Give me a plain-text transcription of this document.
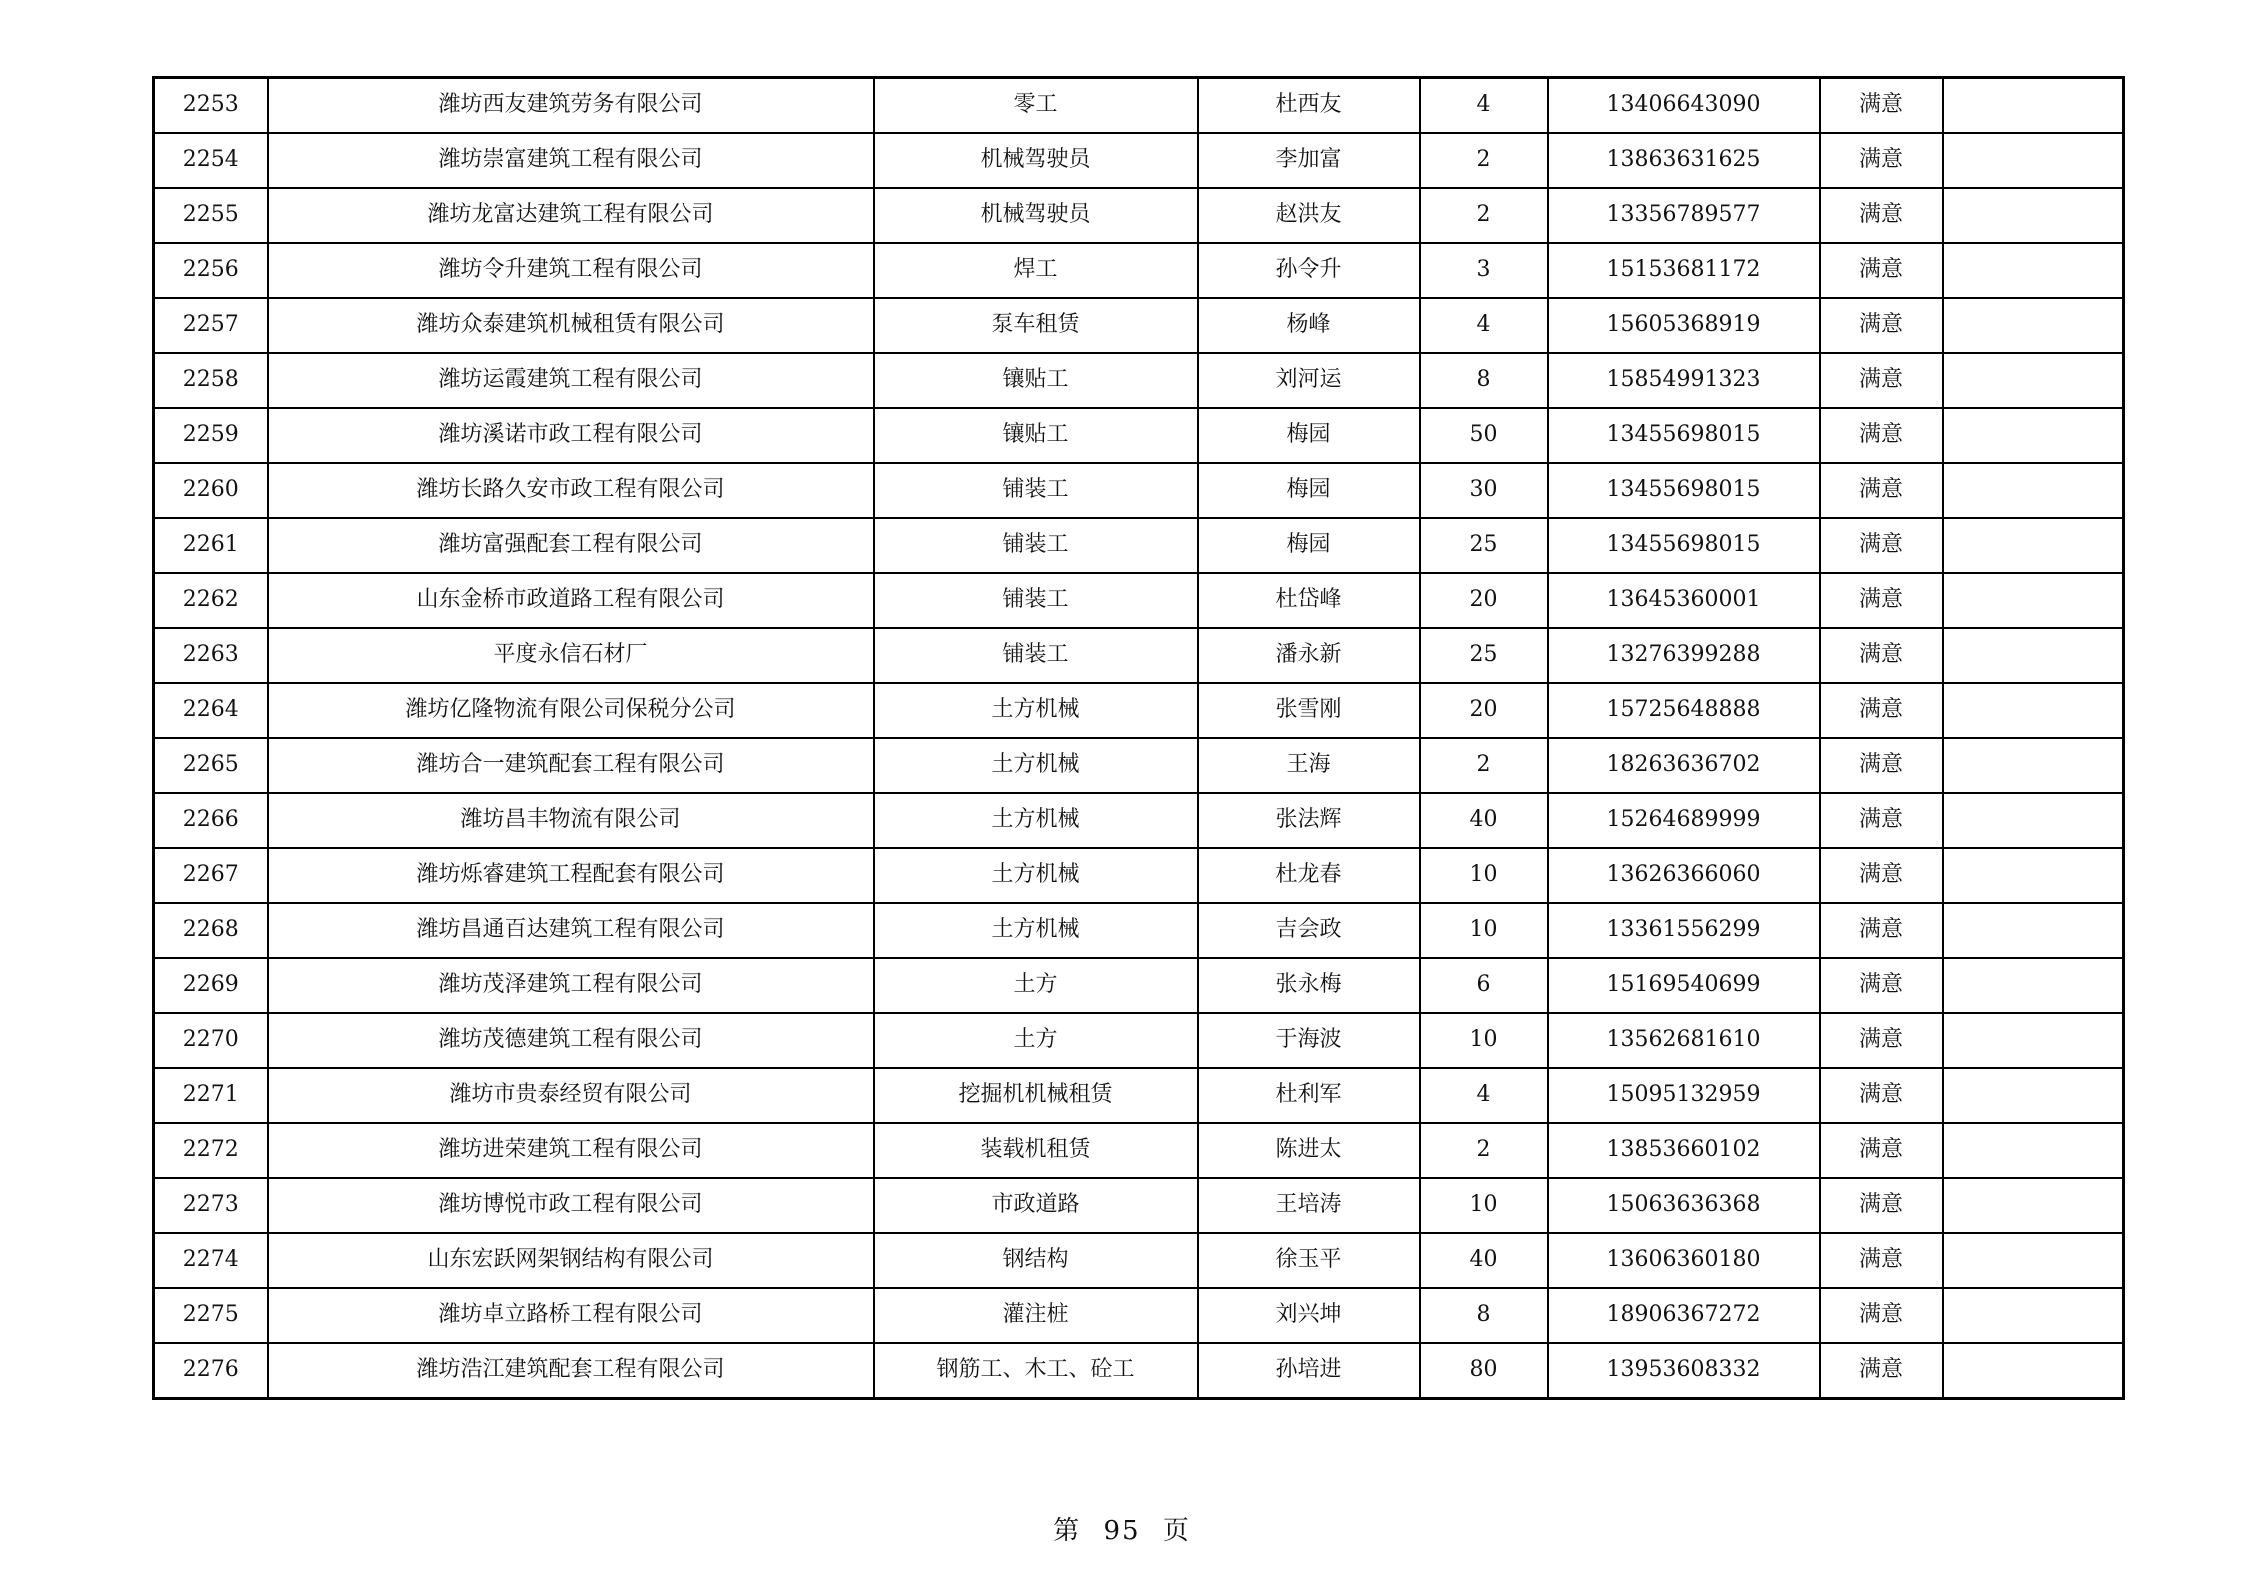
2253	潍坊西友建筑劳务有限公司	零工	杜西友	4	13406643090	满意	
2254	潍坊崇富建筑工程有限公司	机械驾驶员	李加富	2	13863631625	满意	
2255	潍坊龙富达建筑工程有限公司	机械驾驶员	赵洪友	2	13356789577	满意	
2256	潍坊令升建筑工程有限公司	焊工	孙令升	3	15153681172	满意	
2257	潍坊众泰建筑机械租赁有限公司	泵车租赁	杨峰	4	15605368919	满意	
2258	潍坊运霞建筑工程有限公司	镶贴工	刘河运	8	15854991323	满意	
2259	潍坊溪诺市政工程有限公司	镶贴工	梅园	50	13455698015	满意	
2260	潍坊长路久安市政工程有限公司	铺装工	梅园	30	13455698015	满意	
2261	潍坊富强配套工程有限公司	铺装工	梅园	25	13455698015	满意	
2262	山东金桥市政道路工程有限公司	铺装工	杜岱峰	20	13645360001	满意	
2263	平度永信石材厂	铺装工	潘永新	25	13276399288	满意	
2264	潍坊亿隆物流有限公司保税分公司	土方机械	张雪刚	20	15725648888	满意	
2265	潍坊合一建筑配套工程有限公司	土方机械	王海	2	18263636702	满意	
2266	潍坊昌丰物流有限公司	土方机械	张法辉	40	15264689999	满意	
2267	潍坊烁睿建筑工程配套有限公司	土方机械	杜龙春	10	13626366060	满意	
2268	潍坊昌通百达建筑工程有限公司	土方机械	吉会政	10	13361556299	满意	
2269	潍坊茂泽建筑工程有限公司	土方	张永梅	6	15169540699	满意	
2270	潍坊茂德建筑工程有限公司	土方	于海波	10	13562681610	满意	
2271	潍坊市贵泰经贸有限公司	挖掘机机械租赁	杜利军	4	15095132959	满意	
2272	潍坊进荣建筑工程有限公司	装载机租赁	陈进太	2	13853660102	满意	
2273	潍坊博悦市政工程有限公司	市政道路	王培涛	10	15063636368	满意	
2274	山东宏跃网架钢结构有限公司	钢结构	徐玉平	40	13606360180	满意	
2275	潍坊卓立路桥工程有限公司	灌注桩	刘兴坤	8	18906367272	满意	
2276	潍坊浩江建筑配套工程有限公司	钢筋工、木工、砼工	孙培进	80	13953608332	满意	
第 95 页
